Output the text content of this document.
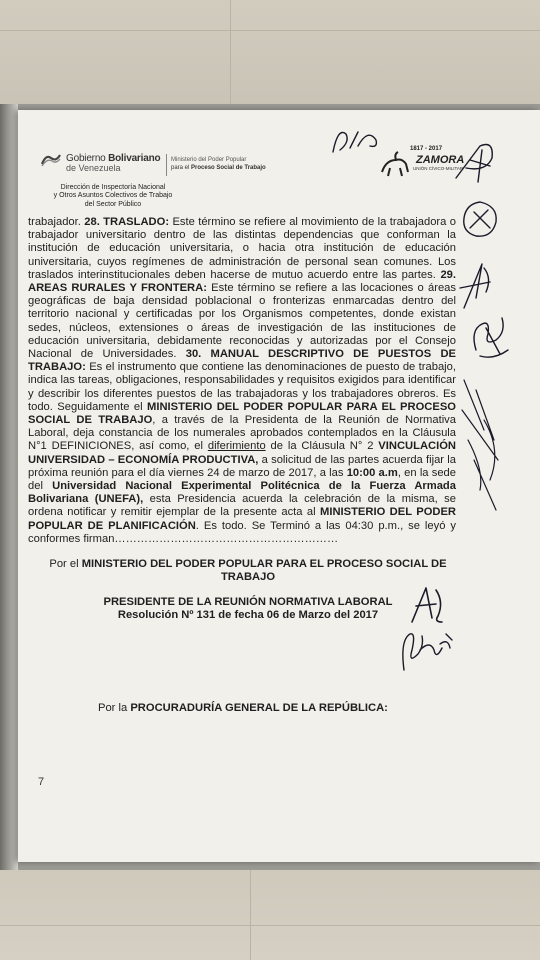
Gobierno Bolivariano
de Venezuela
Ministerio del Poder Popular
para el Proceso Social de Trabajo
1817 - 2017
ZAMORA
UNIÓN CÍVICO-MILITAR
Dirección de Inspectoría Nacional
y Otros Asuntos Colectivos de Trabajo
del Sector Público
trabajador. 28. TRASLADO: Este término se refiere al movimiento de la trabajadora o trabajador universitario dentro de las distintas dependencias que conforman la institución de educación universitaria, o hacia otra institución de educación universitaria, cuyos regímenes de administración de personal sean comunes. Los traslados interinstitucionales deben hacerse de mutuo acuerdo entre las partes. 29. AREAS RURALES Y FRONTERA: Este término se refiere a las locaciones o áreas geográficas de baja densidad poblacional o fronterizas enmarcadas dentro del territorio nacional y certificadas por los Organismos competentes, donde existan sedes, núcleos, extensiones o áreas de investigación de las instituciones de educación universitaria, debidamente reconocidas y autorizadas por el Consejo Nacional de Universidades. 30. MANUAL DESCRIPTIVO DE PUESTOS DE TRABAJO: Es el instrumento que contiene las denominaciones de puesto de trabajo, indica las tareas, obligaciones, responsabilidades y requisitos exigidos para identificar y describir los diferentes puestos de las trabajadoras y los trabajadores obreros. Es todo. Seguidamente el MINISTERIO DEL PODER POPULAR PARA EL PROCESO SOCIAL DE TRABAJO, a través de la Presidenta de la Reunión de Normativa Laboral, deja constancia de los numerales aprobados contemplados en la Cláusula N°1 DEFINICIONES, así como, el diferimiento de la Cláusula N° 2 VINCULACIÓN UNIVERSIDAD – ECONOMÍA PRODUCTIVA, a solicitud de las partes acuerda fijar la próxima reunión para el día viernes 24 de marzo de 2017, a las 10:00 a.m, en la sede del Universidad Nacional Experimental Politécnica de la Fuerza Armada Bolivariana (UNEFA), esta Presidencia acuerda la celebración de la misma, se ordena notificar y remitir ejemplar de la presente acta al MINISTERIO DEL PODER POPULAR DE PLANIFICACIÓN. Es todo. Se Terminó a las 04:30 p.m., se leyó y conformes firman……………………………………………………
Por el MINISTERIO DEL PODER POPULAR PARA EL PROCESO SOCIAL DE TRABAJO
PRESIDENTE DE LA REUNIÓN NORMATIVA LABORAL
Resolución Nº 131 de fecha 06 de Marzo del 2017
Por la PROCURADURÍA GENERAL DE LA REPÚBLICA:
7
